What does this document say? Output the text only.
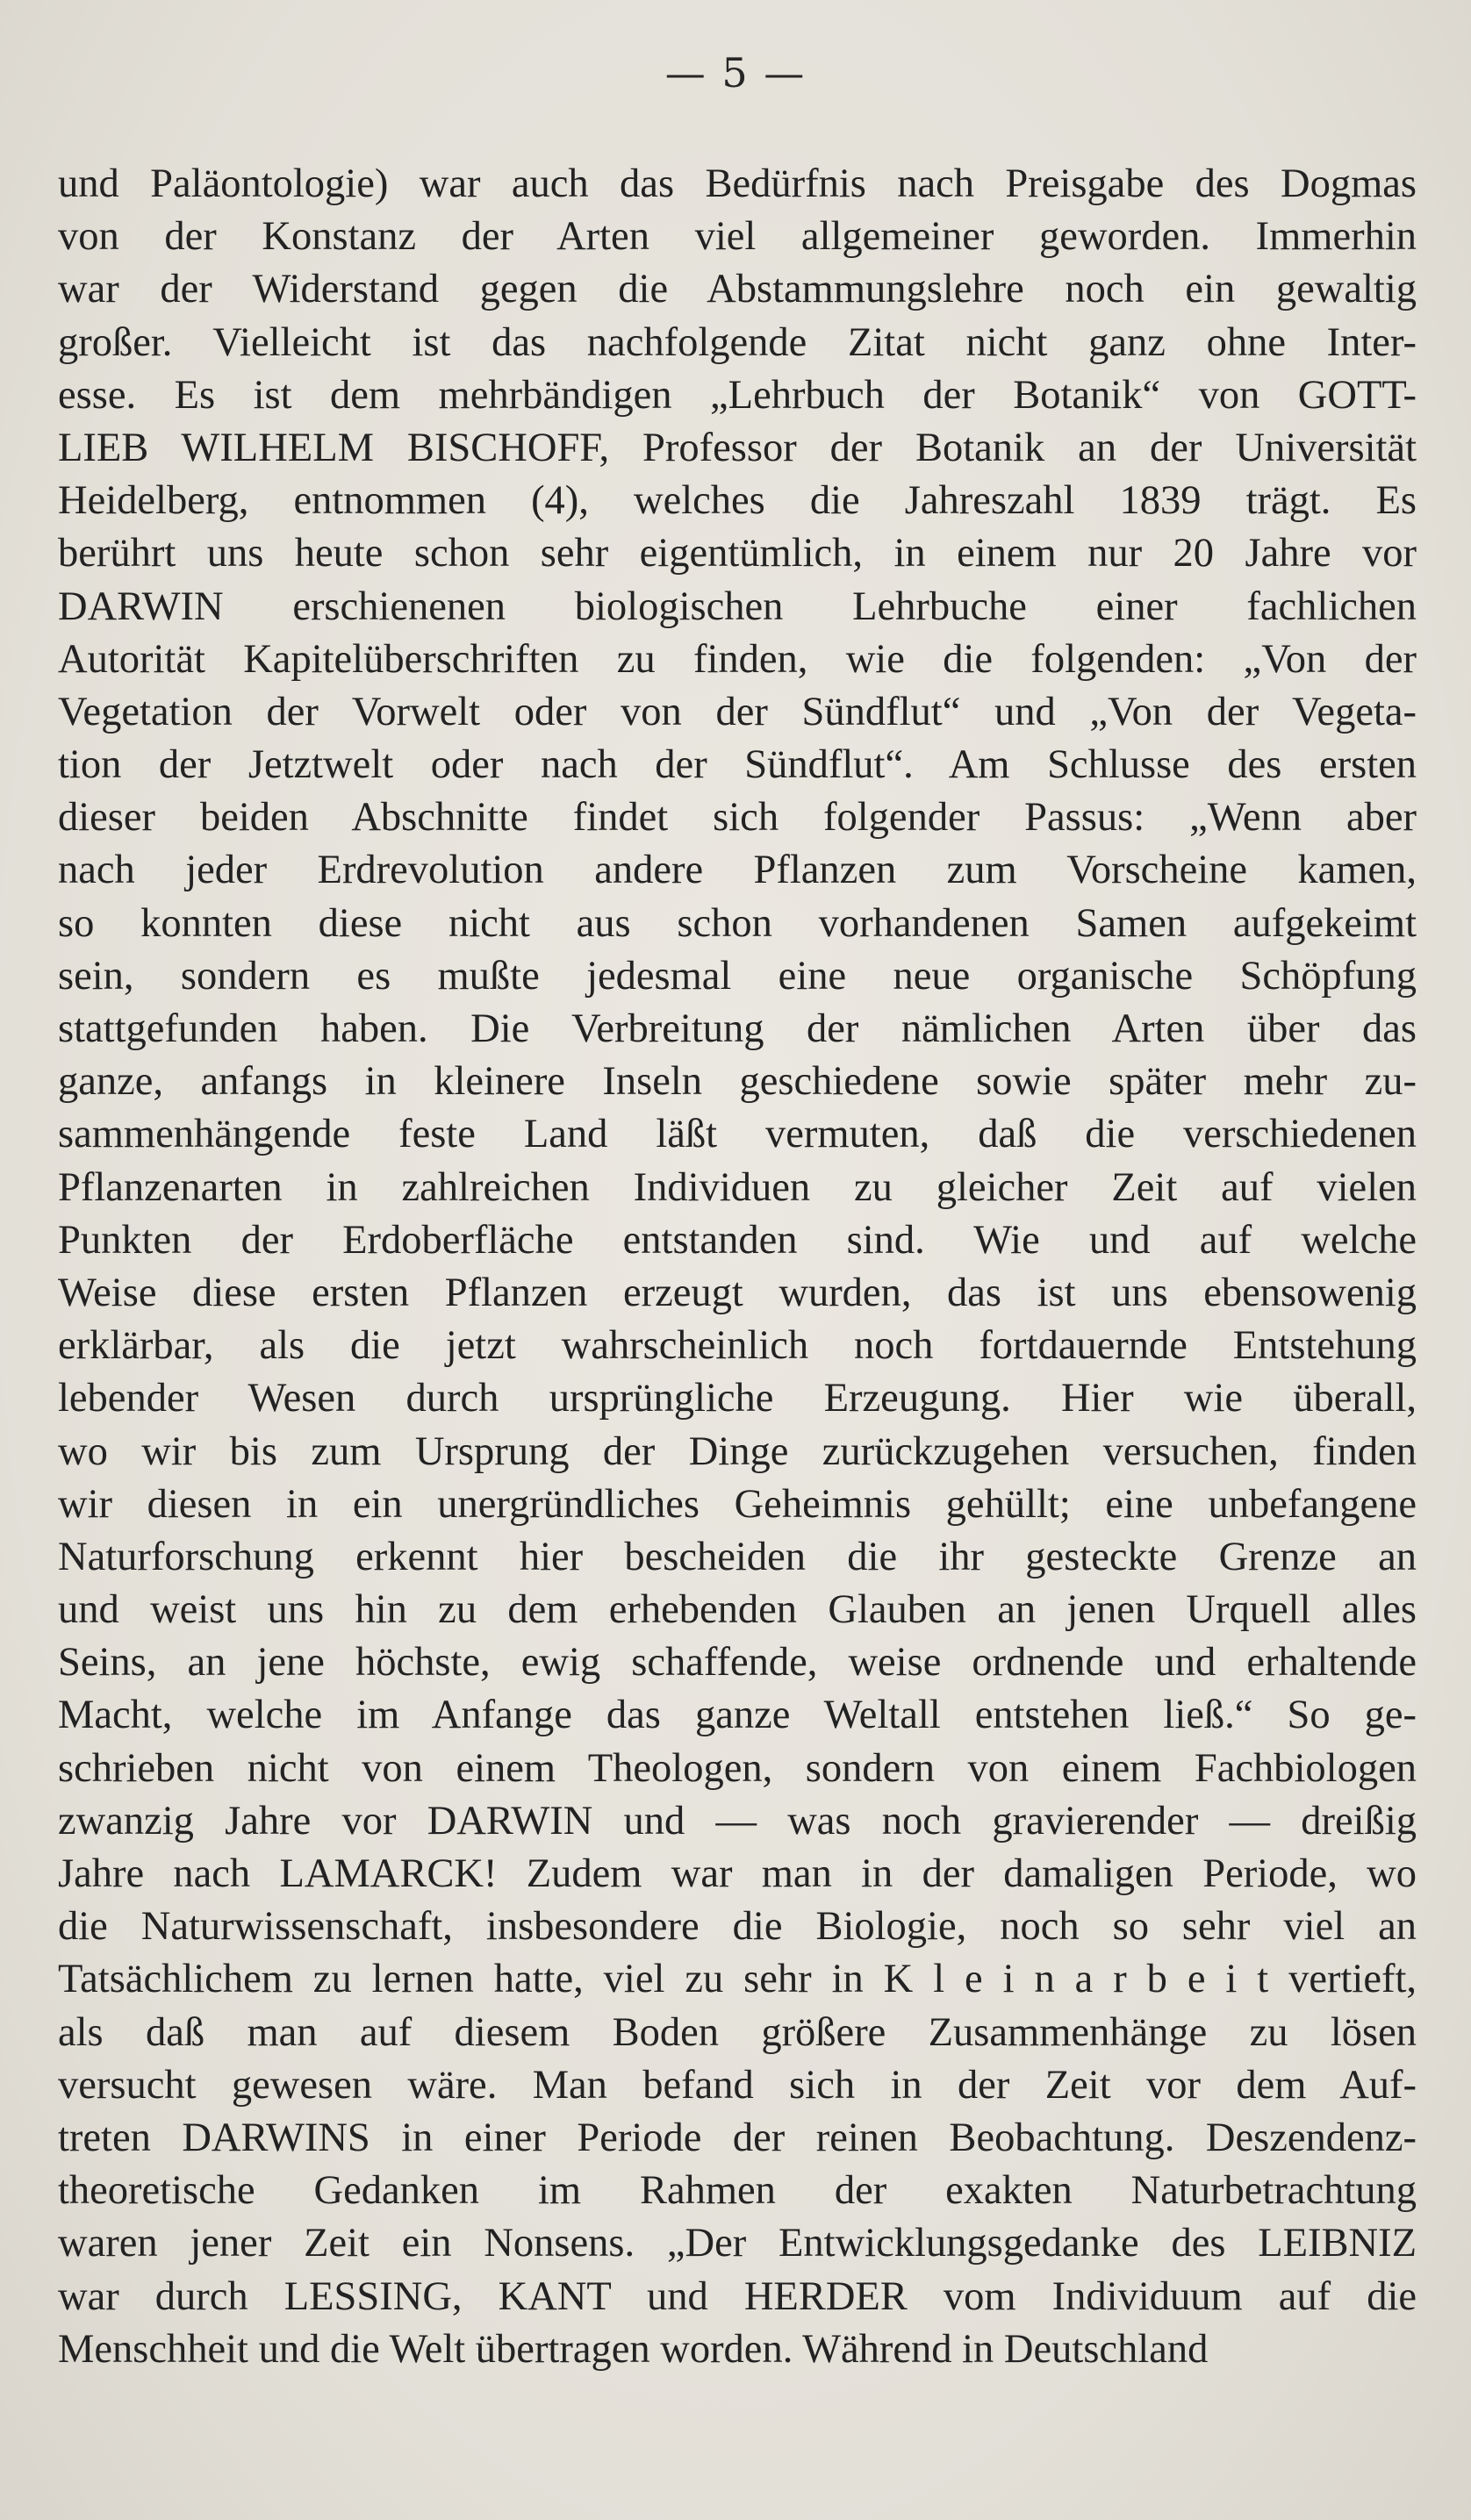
— 5 —
und Paläontologie) war auch das Bedürfnis nach Preisgabe des Dogmas
von der Konstanz der Arten viel allgemeiner geworden. Immerhin
war der Widerstand gegen die Abstammungslehre noch ein gewaltig
großer. Vielleicht ist das nachfolgende Zitat nicht ganz ohne Inter-
esse. Es ist dem mehrbändigen „Lehrbuch der Botanik“ von GOTT-
LIEB WILHELM BISCHOFF, Professor der Botanik an der Universität
Heidelberg, entnommen (4), welches die Jahreszahl 1839 trägt. Es
berührt uns heute schon sehr eigentümlich, in einem nur 20 Jahre vor
DARWIN erschienenen biologischen Lehrbuche einer fachlichen
Autorität Kapitelüberschriften zu finden, wie die folgenden: „Von der
Vegetation der Vorwelt oder von der Sündflut“ und „Von der Vegeta-
tion der Jetztwelt oder nach der Sündflut“. Am Schlusse des ersten
dieser beiden Abschnitte findet sich folgender Passus: „Wenn aber
nach jeder Erdrevolution andere Pflanzen zum Vorscheine kamen,
so konnten diese nicht aus schon vorhandenen Samen aufgekeimt
sein, sondern es mußte jedesmal eine neue organische Schöpfung
stattgefunden haben. Die Verbreitung der nämlichen Arten über das
ganze, anfangs in kleinere Inseln geschiedene sowie später mehr zu-
sammenhängende feste Land läßt vermuten, daß die verschiedenen
Pflanzenarten in zahlreichen Individuen zu gleicher Zeit auf vielen
Punkten der Erdoberfläche entstanden sind. Wie und auf welche
Weise diese ersten Pflanzen erzeugt wurden, das ist uns ebensowenig
erklärbar, als die jetzt wahrscheinlich noch fortdauernde Entstehung
lebender Wesen durch ursprüngliche Erzeugung. Hier wie überall,
wo wir bis zum Ursprung der Dinge zurückzugehen versuchen, finden
wir diesen in ein unergründliches Geheimnis gehüllt; eine unbefangene
Naturforschung erkennt hier bescheiden die ihr gesteckte Grenze an
und weist uns hin zu dem erhebenden Glauben an jenen Urquell alles
Seins, an jene höchste, ewig schaffende, weise ordnende und erhaltende
Macht, welche im Anfange das ganze Weltall entstehen ließ.“ So ge-
schrieben nicht von einem Theologen, sondern von einem Fachbiologen
zwanzig Jahre vor DARWIN und — was noch gravierender — dreißig
Jahre nach LAMARCK! Zudem war man in der damaligen Periode, wo
die Naturwissenschaft, insbesondere die Biologie, noch so sehr viel an
Tatsächlichem zu lernen hatte, viel zu sehr in K l e i n a r b e i t vertieft,
als daß man auf diesem Boden größere Zusammenhänge zu lösen
versucht gewesen wäre. Man befand sich in der Zeit vor dem Auf-
treten DARWINS in einer Periode der reinen Beobachtung. Deszendenz-
theoretische Gedanken im Rahmen der exakten Naturbetrachtung
waren jener Zeit ein Nonsens. „Der Entwicklungsgedanke des LEIBNIZ
war durch LESSING, KANT und HERDER vom Individuum auf die
Menschheit und die Welt übertragen worden. Während in Deutschland
